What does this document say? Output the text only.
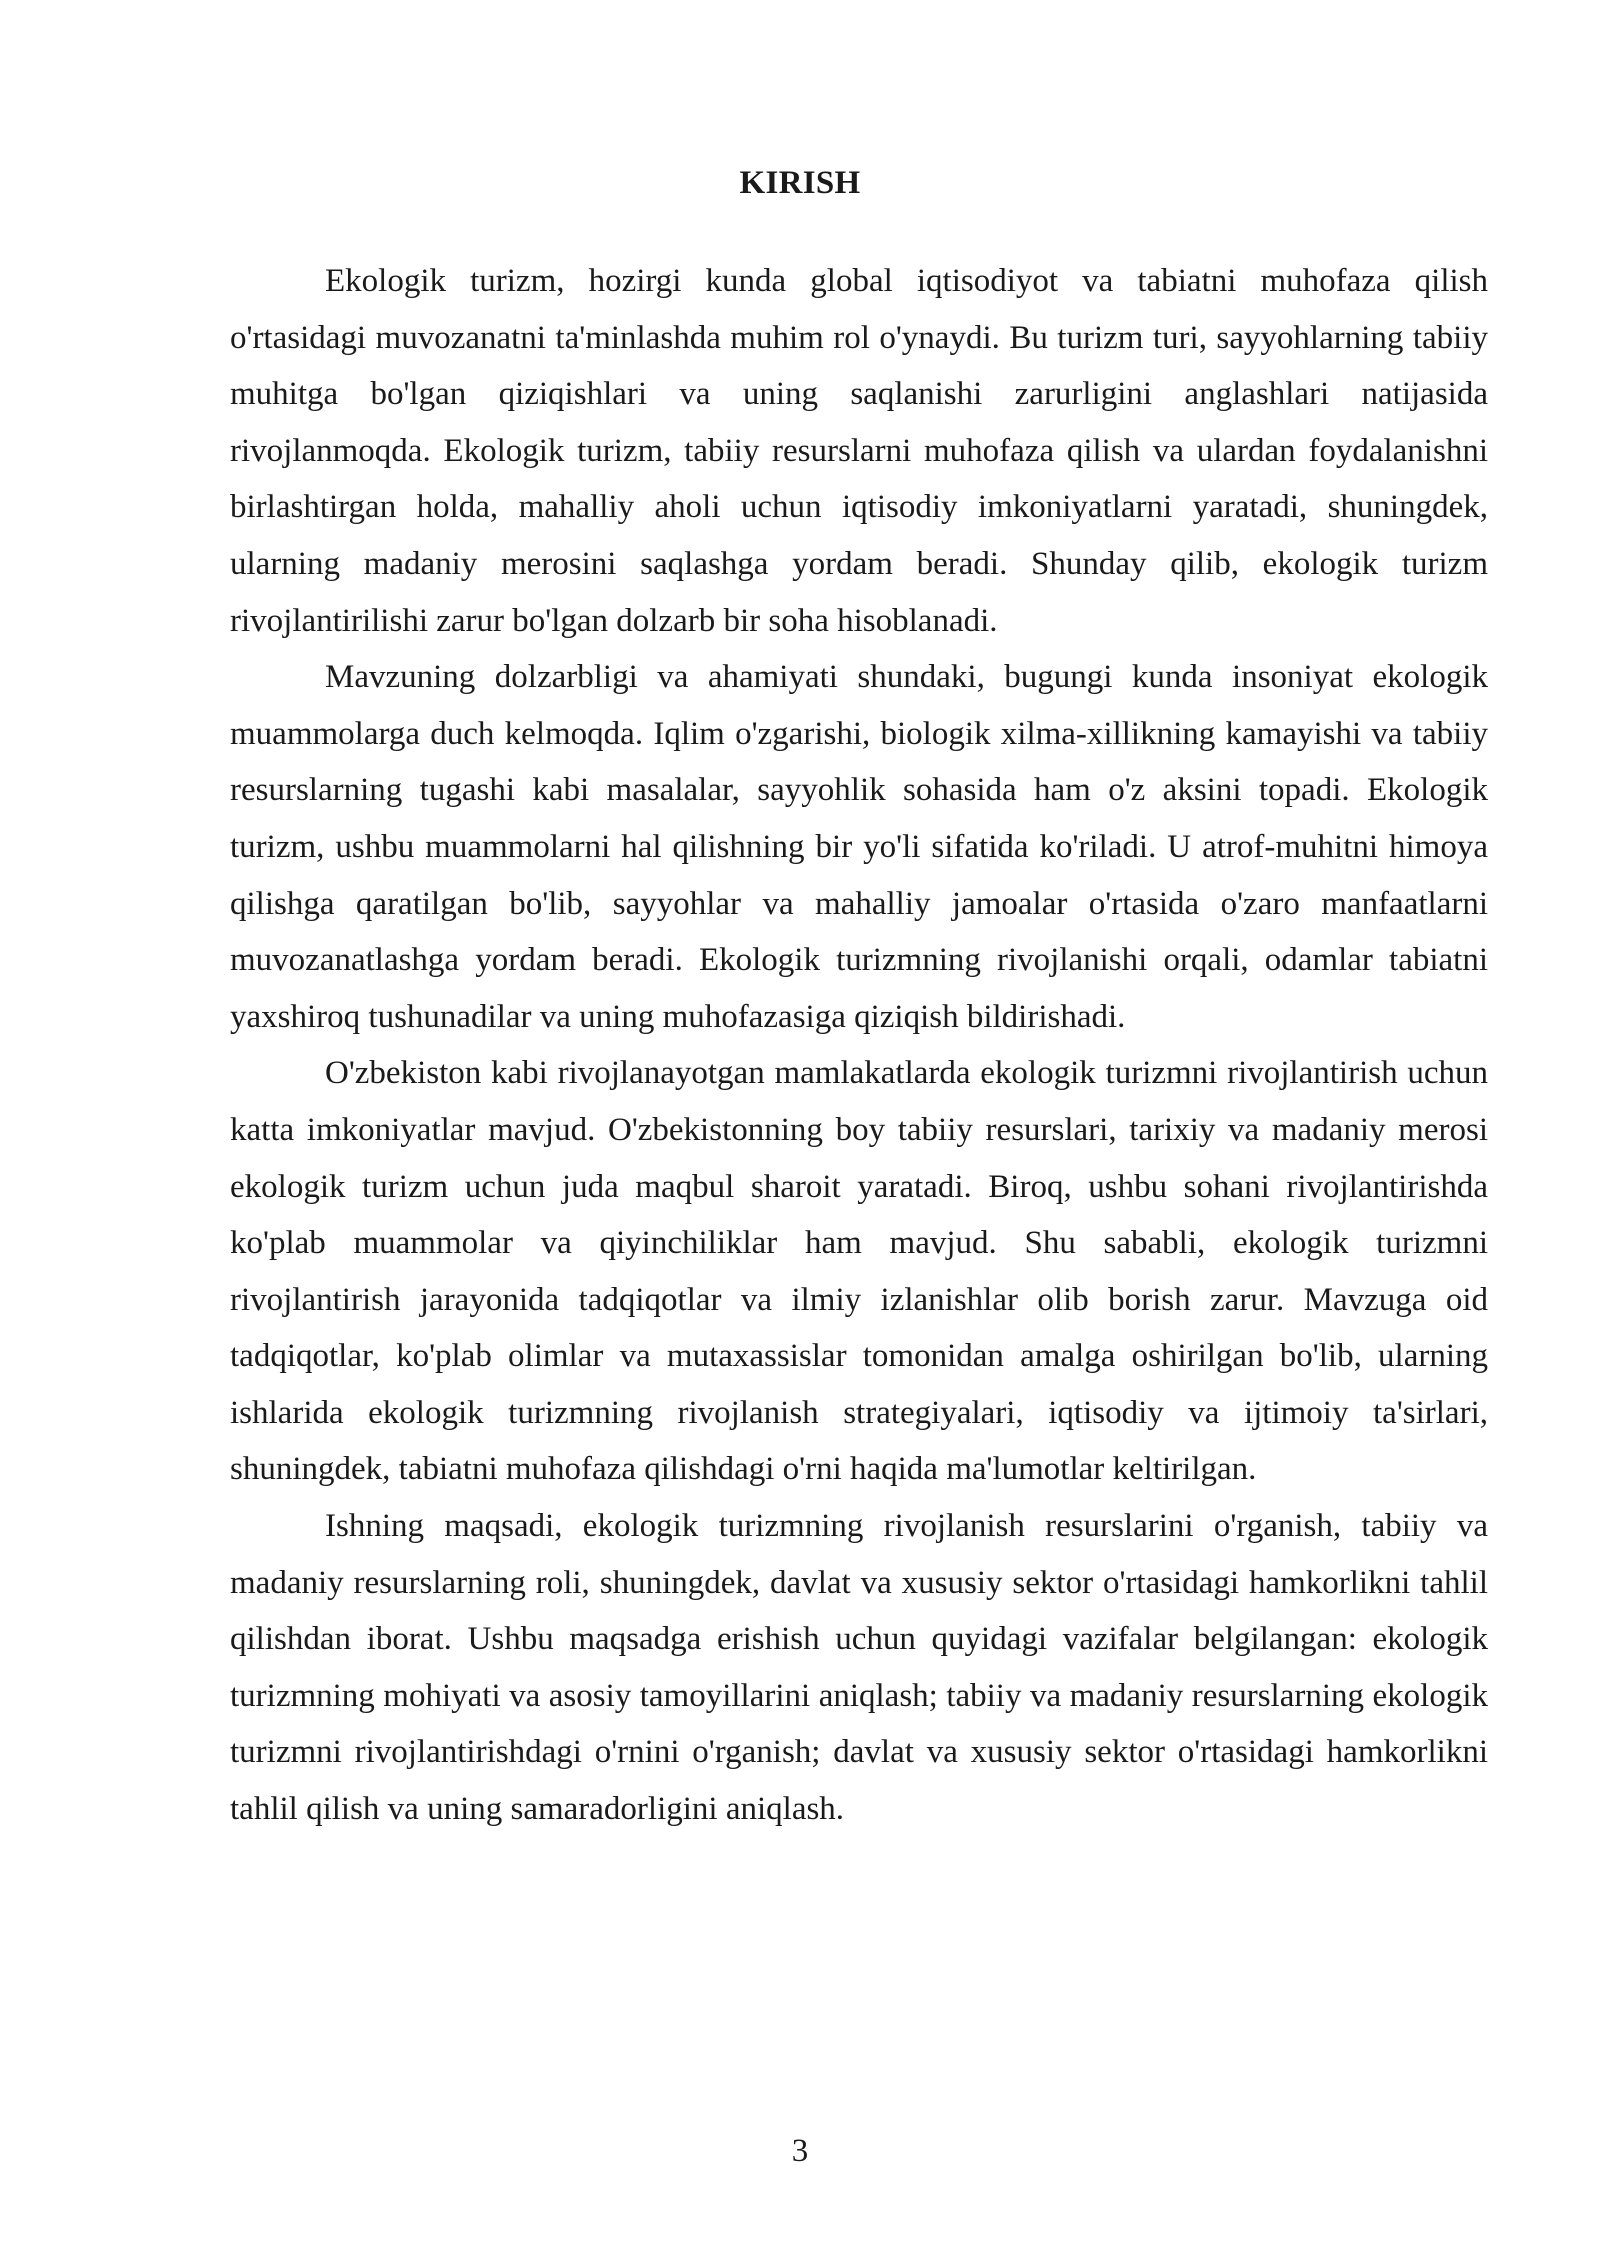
KIRISH

Ekologik turizm, hozirgi kunda global iqtisodiyot va tabiatni muhofaza qilish o'rtasidagi muvozanatni ta'minlashda muhim rol o'ynaydi. Bu turizm turi, sayyohlarning tabiiy muhitga bo'lgan qiziqishlari va uning saqlanishi zarurligini anglashlari natijasida rivojlanmoqda. Ekologik turizm, tabiiy resurslarni muhofaza qilish va ulardan foydalanishni birlashtirgan holda, mahalliy aholi uchun iqtisodiy imkoniyatlarni yaratadi, shuningdek, ularning madaniy merosini saqlashga yordam beradi. Shunday qilib, ekologik turizm rivojlantirilishi zarur bo'lgan dolzarb bir soha hisoblanadi.

Mavzuning dolzarbligi va ahamiyati shundaki, bugungi kunda insoniyat ekologik muammolarga duch kelmoqda. Iqlim o'zgarishi, biologik xilma-xillikning kamayishi va tabiiy resurslarning tugashi kabi masalalar, sayyohlik sohasida ham o'z aksini topadi. Ekologik turizm, ushbu muammolarni hal qilishning bir yo'li sifatida ko'riladi. U atrof-muhitni himoya qilishga qaratilgan bo'lib, sayyohlar va mahalliy jamoalar o'rtasida o'zaro manfaatlarni muvozanatlashga yordam beradi. Ekologik turizmning rivojlanishi orqali, odamlar tabiatni yaxshiroq tushunadilar va uning muhofazasiga qiziqish bildirishadi.

O'zbekiston kabi rivojlanayotgan mamlakatlarda ekologik turizmni rivojlantirish uchun katta imkoniyatlar mavjud. O'zbekistonning boy tabiiy resurslari, tarixiy va madaniy merosi ekologik turizm uchun juda maqbul sharoit yaratadi. Biroq, ushbu sohani rivojlantirishda ko'plab muammolar va qiyinchiliklar ham mavjud. Shu sababli, ekologik turizmni rivojlantirish jarayonida tadqiqotlar va ilmiy izlanishlar olib borish zarur. Mavzuga oid tadqiqotlar, ko'plab olimlar va mutaxassislar tomonidan amalga oshirilgan bo'lib, ularning ishlarida ekologik turizmning rivojlanish strategiyalari, iqtisodiy va ijtimoiy ta'sirlari, shuningdek, tabiatni muhofaza qilishdagi o'rni haqida ma'lumotlar keltirilgan.

Ishning maqsadi, ekologik turizmning rivojlanish resurslarini o'rganish, tabiiy va madaniy resurslarning roli, shuningdek, davlat va xususiy sektor o'rtasidagi hamkorlikni tahlil qilishdan iborat. Ushbu maqsadga erishish uchun quyidagi vazifalar belgilangan: ekologik turizmning mohiyati va asosiy tamoyillarini aniqlash; tabiiy va madaniy resurslarning ekologik turizmni rivojlantirishdagi o'rnini o'rganish; davlat va xususiy sektor o'rtasidagi hamkorlikni tahlil qilish va uning samaradorligini aniqlash.

3
